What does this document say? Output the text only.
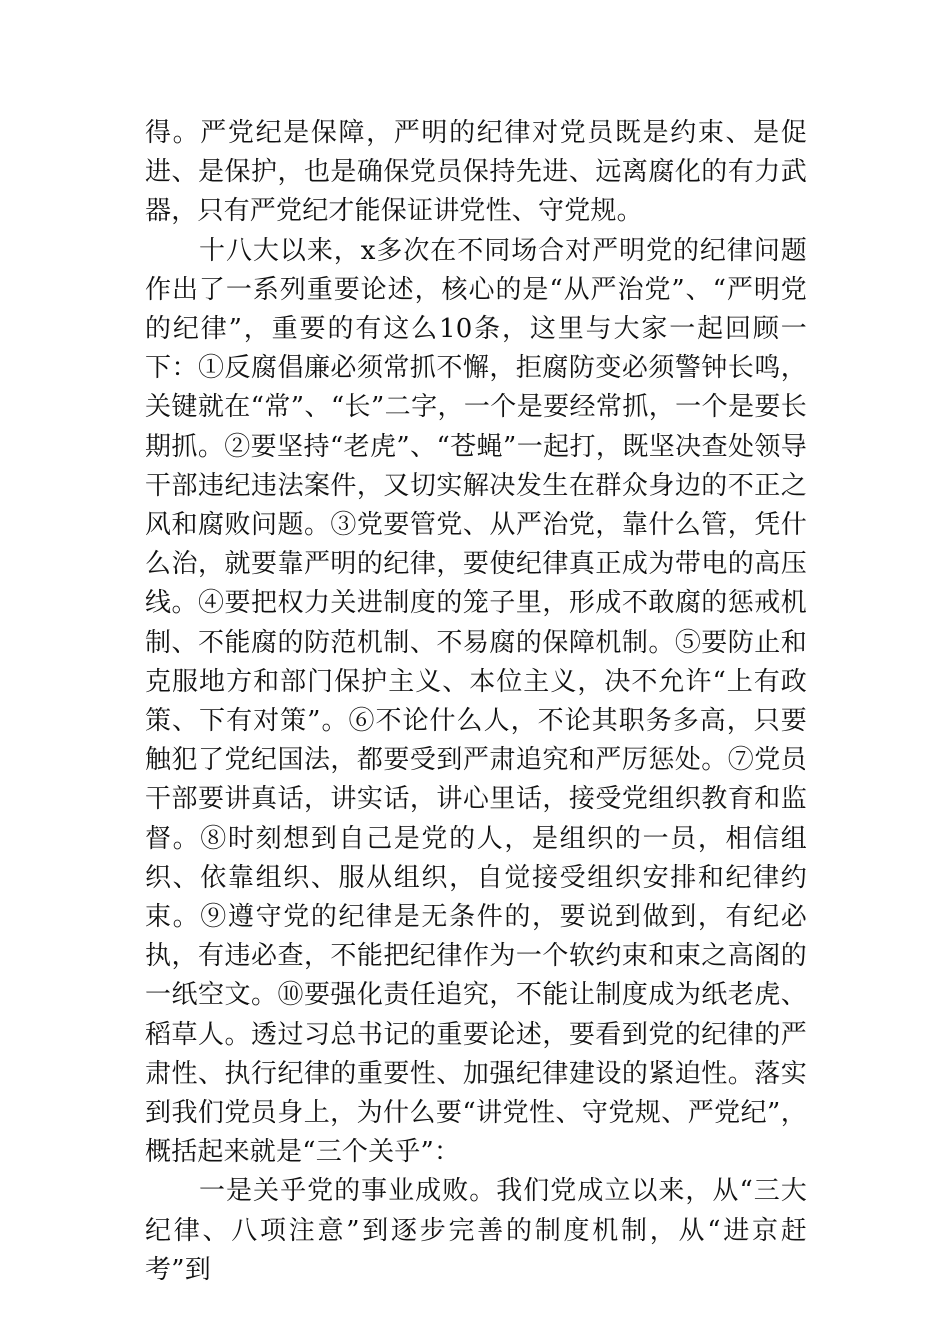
得。严党纪是保障，严明的纪律对党员既是约束、是促进、是保护，也是确保党员保持先进、远离腐化的有力武器，只有严党纪才能保证讲党性、守党规。

十八大以来，x多次在不同场合对严明党的纪律问题作出了一系列重要论述，核心的是“从严治党”、“严明党的纪律”，重要的有这么10条，这里与大家一起回顾一下：①反腐倡廉必须常抓不懈，拒腐防变必须警钟长鸣，关键就在“常”、“长”二字，一个是要经常抓，一个是要长期抓。②要坚持“老虎”、“苍蝇”一起打，既坚决查处领导干部违纪违法案件，又切实解决发生在群众身边的不正之风和腐败问题。③党要管党、从严治党，靠什么管，凭什么治，就要靠严明的纪律，要使纪律真正成为带电的高压线。④要把权力关进制度的笼子里，形成不敢腐的惩戒机制、不能腐的防范机制、不易腐的保障机制。⑤要防止和克服地方和部门保护主义、本位主义，决不允许“上有政策、下有对策”。⑥不论什么人，不论其职务多高，只要触犯了党纪国法，都要受到严肃追究和严厉惩处。⑦党员干部要讲真话，讲实话，讲心里话，接受党组织教育和监督。⑧时刻想到自己是党的人，是组织的一员，相信组织、依靠组织、服从组织，自觉接受组织安排和纪律约束。⑨遵守党的纪律是无条件的，要说到做到，有纪必执，有违必查，不能把纪律作为一个软约束和束之高阁的一纸空文。⑩要强化责任追究，不能让制度成为纸老虎、稻草人。透过习总书记的重要论述，要看到党的纪律的严肃性、执行纪律的重要性、加强纪律建设的紧迫性。落实到我们党员身上，为什么要“讲党性、守党规、严党纪”，概括起来就是“三个关乎”：

一是关乎党的事业成败。我们党成立以来，从“三大纪律、八项注意”到逐步完善的制度机制，从“进京赶考”到
